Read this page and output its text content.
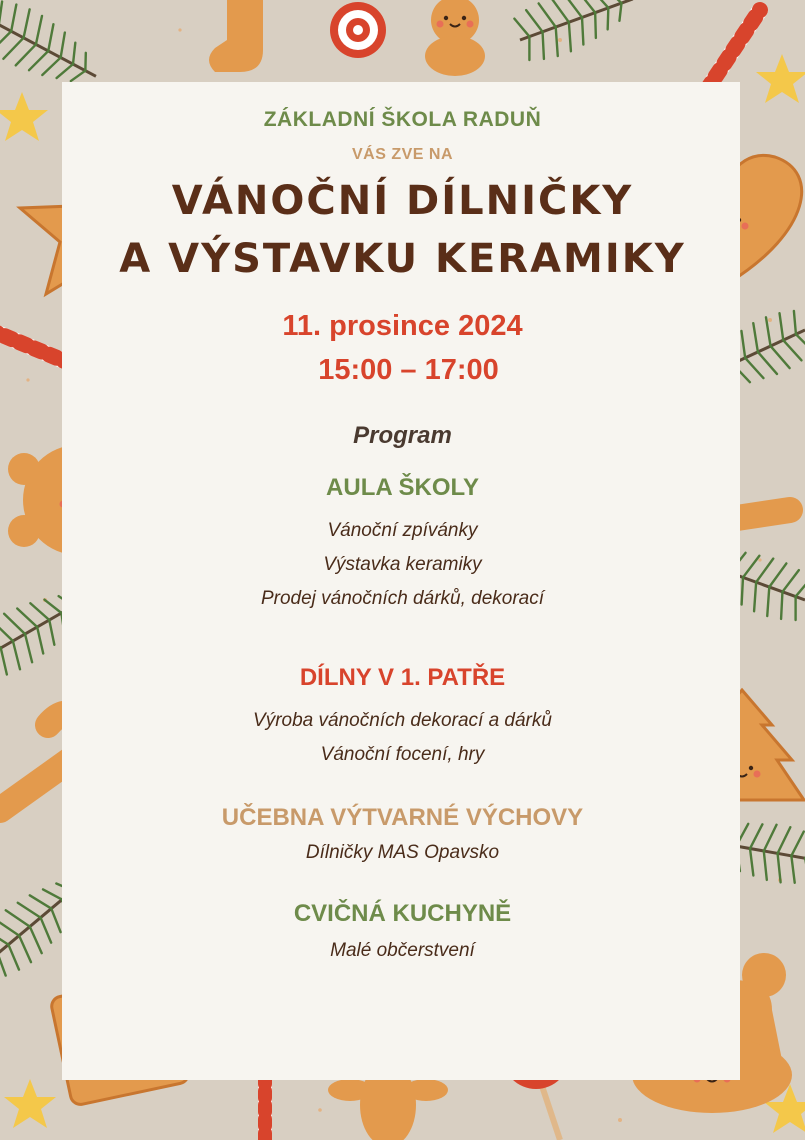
ZÁKLADNÍ ŠKOLA RADUŇ
VÁS ZVE NA
VÁNOČNÍ DÍLNIČKY
A VÝSTAVKU KERAMIKY
11. prosince 2024
15:00 – 17:00
Program
AULA ŠKOLY
Vánoční zpívánky
Výstavka keramiky
Prodej vánočních dárků, dekorací
DÍLNY V 1. PATŘE
Výroba vánočních dekorací a dárků
Vánoční focení, hry
UČEBNA VÝTVARNÉ VÝCHOVY
Dílničky MAS Opavsko
CVIČNÁ KUCHYNĚ
Malé občerstvení
